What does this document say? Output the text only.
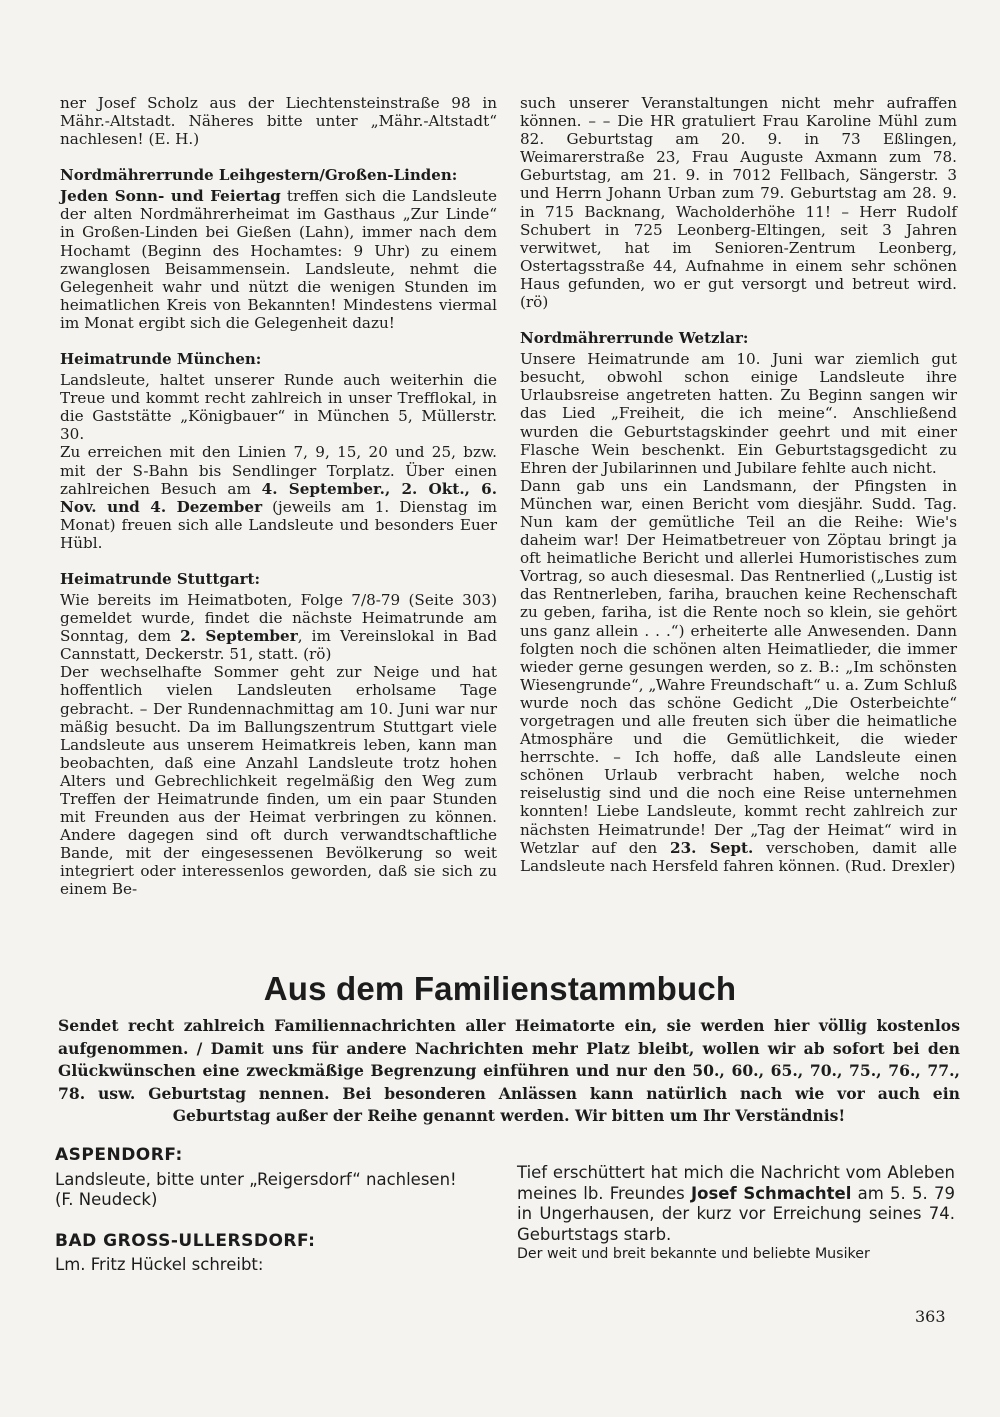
ner Josef Scholz aus der Liechtensteinstraße 98 in Mähr.-Altstadt. Näheres bitte unter „Mähr.-Altstadt“ nachlesen! (E. H.)

Nordmährerrunde Leihgestern/Großen-Linden:

Jeden Sonn- und Feiertag treffen sich die Landsleute der alten Nordmährerheimat im Gasthaus „Zur Linde“ in Großen-Linden bei Gießen (Lahn), immer nach dem Hochamt (Beginn des Hochamtes: 9 Uhr) zu einem zwanglosen Beisammensein. Landsleute, nehmt die Gelegenheit wahr und nützt die wenigen Stunden im heimatlichen Kreis von Bekannten! Mindestens viermal im Monat ergibt sich die Gelegenheit dazu!

Heimatrunde München:

Landsleute, haltet unserer Runde auch weiterhin die Treue und kommt recht zahlreich in unser Trefflokal, in die Gaststätte „Königbauer“ in München 5, Müllerstr. 30.

Zu erreichen mit den Linien 7, 9, 15, 20 und 25, bzw. mit der S-Bahn bis Sendlinger Torplatz. Über einen zahlreichen Besuch am 4. September., 2. Okt., 6. Nov. und 4. Dezember (jeweils am 1. Dienstag im Monat) freuen sich alle Landsleute und besonders Euer Hübl.

Heimatrunde Stuttgart:

Wie bereits im Heimatboten, Folge 7/8-79 (Seite 303) gemeldet wurde, findet die nächste Heimatrunde am Sonntag, dem 2. September, im Vereinslokal in Bad Cannstatt, Deckerstr. 51, statt. (rö)

Der wechselhafte Sommer geht zur Neige und hat hoffentlich vielen Landsleuten erholsame Tage gebracht. – Der Rundennachmittag am 10. Juni war nur mäßig besucht. Da im Ballungszentrum Stuttgart viele Landsleute aus unserem Heimatkreis leben, kann man beobachten, daß eine Anzahl Landsleute trotz hohen Alters und Gebrechlichkeit regelmäßig den Weg zum Treffen der Heimatrunde finden, um ein paar Stunden mit Freunden aus der Heimat verbringen zu können. Andere dagegen sind oft durch verwandtschaftliche Bande, mit der eingesessenen Bevölkerung so weit integriert oder interessenlos geworden, daß sie sich zu einem Be-

such unserer Veranstaltungen nicht mehr aufraffen können. – – Die HR gratuliert Frau Karoline Mühl zum 82. Geburtstag am 20. 9. in 73 Eßlingen, Weimarerstraße 23, Frau Auguste Axmann zum 78. Geburtstag, am 21. 9. in 7012 Fellbach, Sängerstr. 3 und Herrn Johann Urban zum 79. Geburtstag am 28. 9. in 715 Backnang, Wacholderhöhe 11! – Herr Rudolf Schubert in 725 Leonberg-Eltingen, seit 3 Jahren verwitwet, hat im Senioren-Zentrum Leonberg, Ostertagsstraße 44, Aufnahme in einem sehr schönen Haus gefunden, wo er gut versorgt und betreut wird. (rö)

Nordmährerrunde Wetzlar:

Unsere Heimatrunde am 10. Juni war ziemlich gut besucht, obwohl schon einige Landsleute ihre Urlaubsreise angetreten hatten. Zu Beginn sangen wir das Lied „Freiheit, die ich meine“. Anschließend wurden die Geburtstagskinder geehrt und mit einer Flasche Wein beschenkt. Ein Geburtstagsgedicht zu Ehren der Jubilarinnen und Jubilare fehlte auch nicht.

Dann gab uns ein Landsmann, der Pfingsten in München war, einen Bericht vom diesjähr. Sudd. Tag. Nun kam der gemütliche Teil an die Reihe: Wie's daheim war! Der Heimatbetreuer von Zöptau bringt ja oft heimatliche Bericht und allerlei Humoristisches zum Vortrag, so auch diesesmal. Das Rentnerlied („Lustig ist das Rentnerleben, fariha, brauchen keine Rechenschaft zu geben, fariha, ist die Rente noch so klein, sie gehört uns ganz allein . . .“) erheiterte alle Anwesenden. Dann folgten noch die schönen alten Heimatlieder, die immer wieder gerne gesungen werden, so z. B.: „Im schönsten Wiesengrunde“, „Wahre Freundschaft“ u. a. Zum Schluß wurde noch das schöne Gedicht „Die Osterbeichte“ vorgetragen und alle freuten sich über die heimatliche Atmosphäre und die Gemütlichkeit, die wieder herrschte. – Ich hoffe, daß alle Landsleute einen schönen Urlaub verbracht haben, welche noch reiselustig sind und die noch eine Reise unternehmen konnten! Liebe Landsleute, kommt recht zahlreich zur nächsten Heimatrunde! Der „Tag der Heimat“ wird in Wetzlar auf den 23. Sept. verschoben, damit alle Landsleute nach Hersfeld fahren können. (Rud. Drexler)

Aus dem Familienstammbuch
Sendet recht zahlreich Familiennachrichten aller Heimatorte ein, sie werden hier völlig kostenlos aufgenommen. / Damit uns für andere Nachrichten mehr Platz bleibt, wollen wir ab sofort bei den Glückwünschen eine zweckmäßige Begrenzung einführen und nur den 50., 60., 65., 70., 75., 76., 77., 78. usw. Geburtstag nennen. Bei besonderen Anlässen kann natürlich nach wie vor auch ein Geburtstag außer der Reihe genannt werden. Wir bitten um Ihr Verständnis!
ASPENDORF:

Landsleute, bitte unter „Reigersdorf“ nachlesen! (F. Neudeck)

BAD GROSS-ULLERSDORF:

Lm. Fritz Hückel schreibt:

Tief erschüttert hat mich die Nachricht vom Ableben meines lb. Freundes Josef Schmachtel am 5. 5. 79 in Ungerhausen, der kurz vor Erreichung seines 74. Geburtstags starb.

Der weit und breit bekannte und beliebte Musiker

363
